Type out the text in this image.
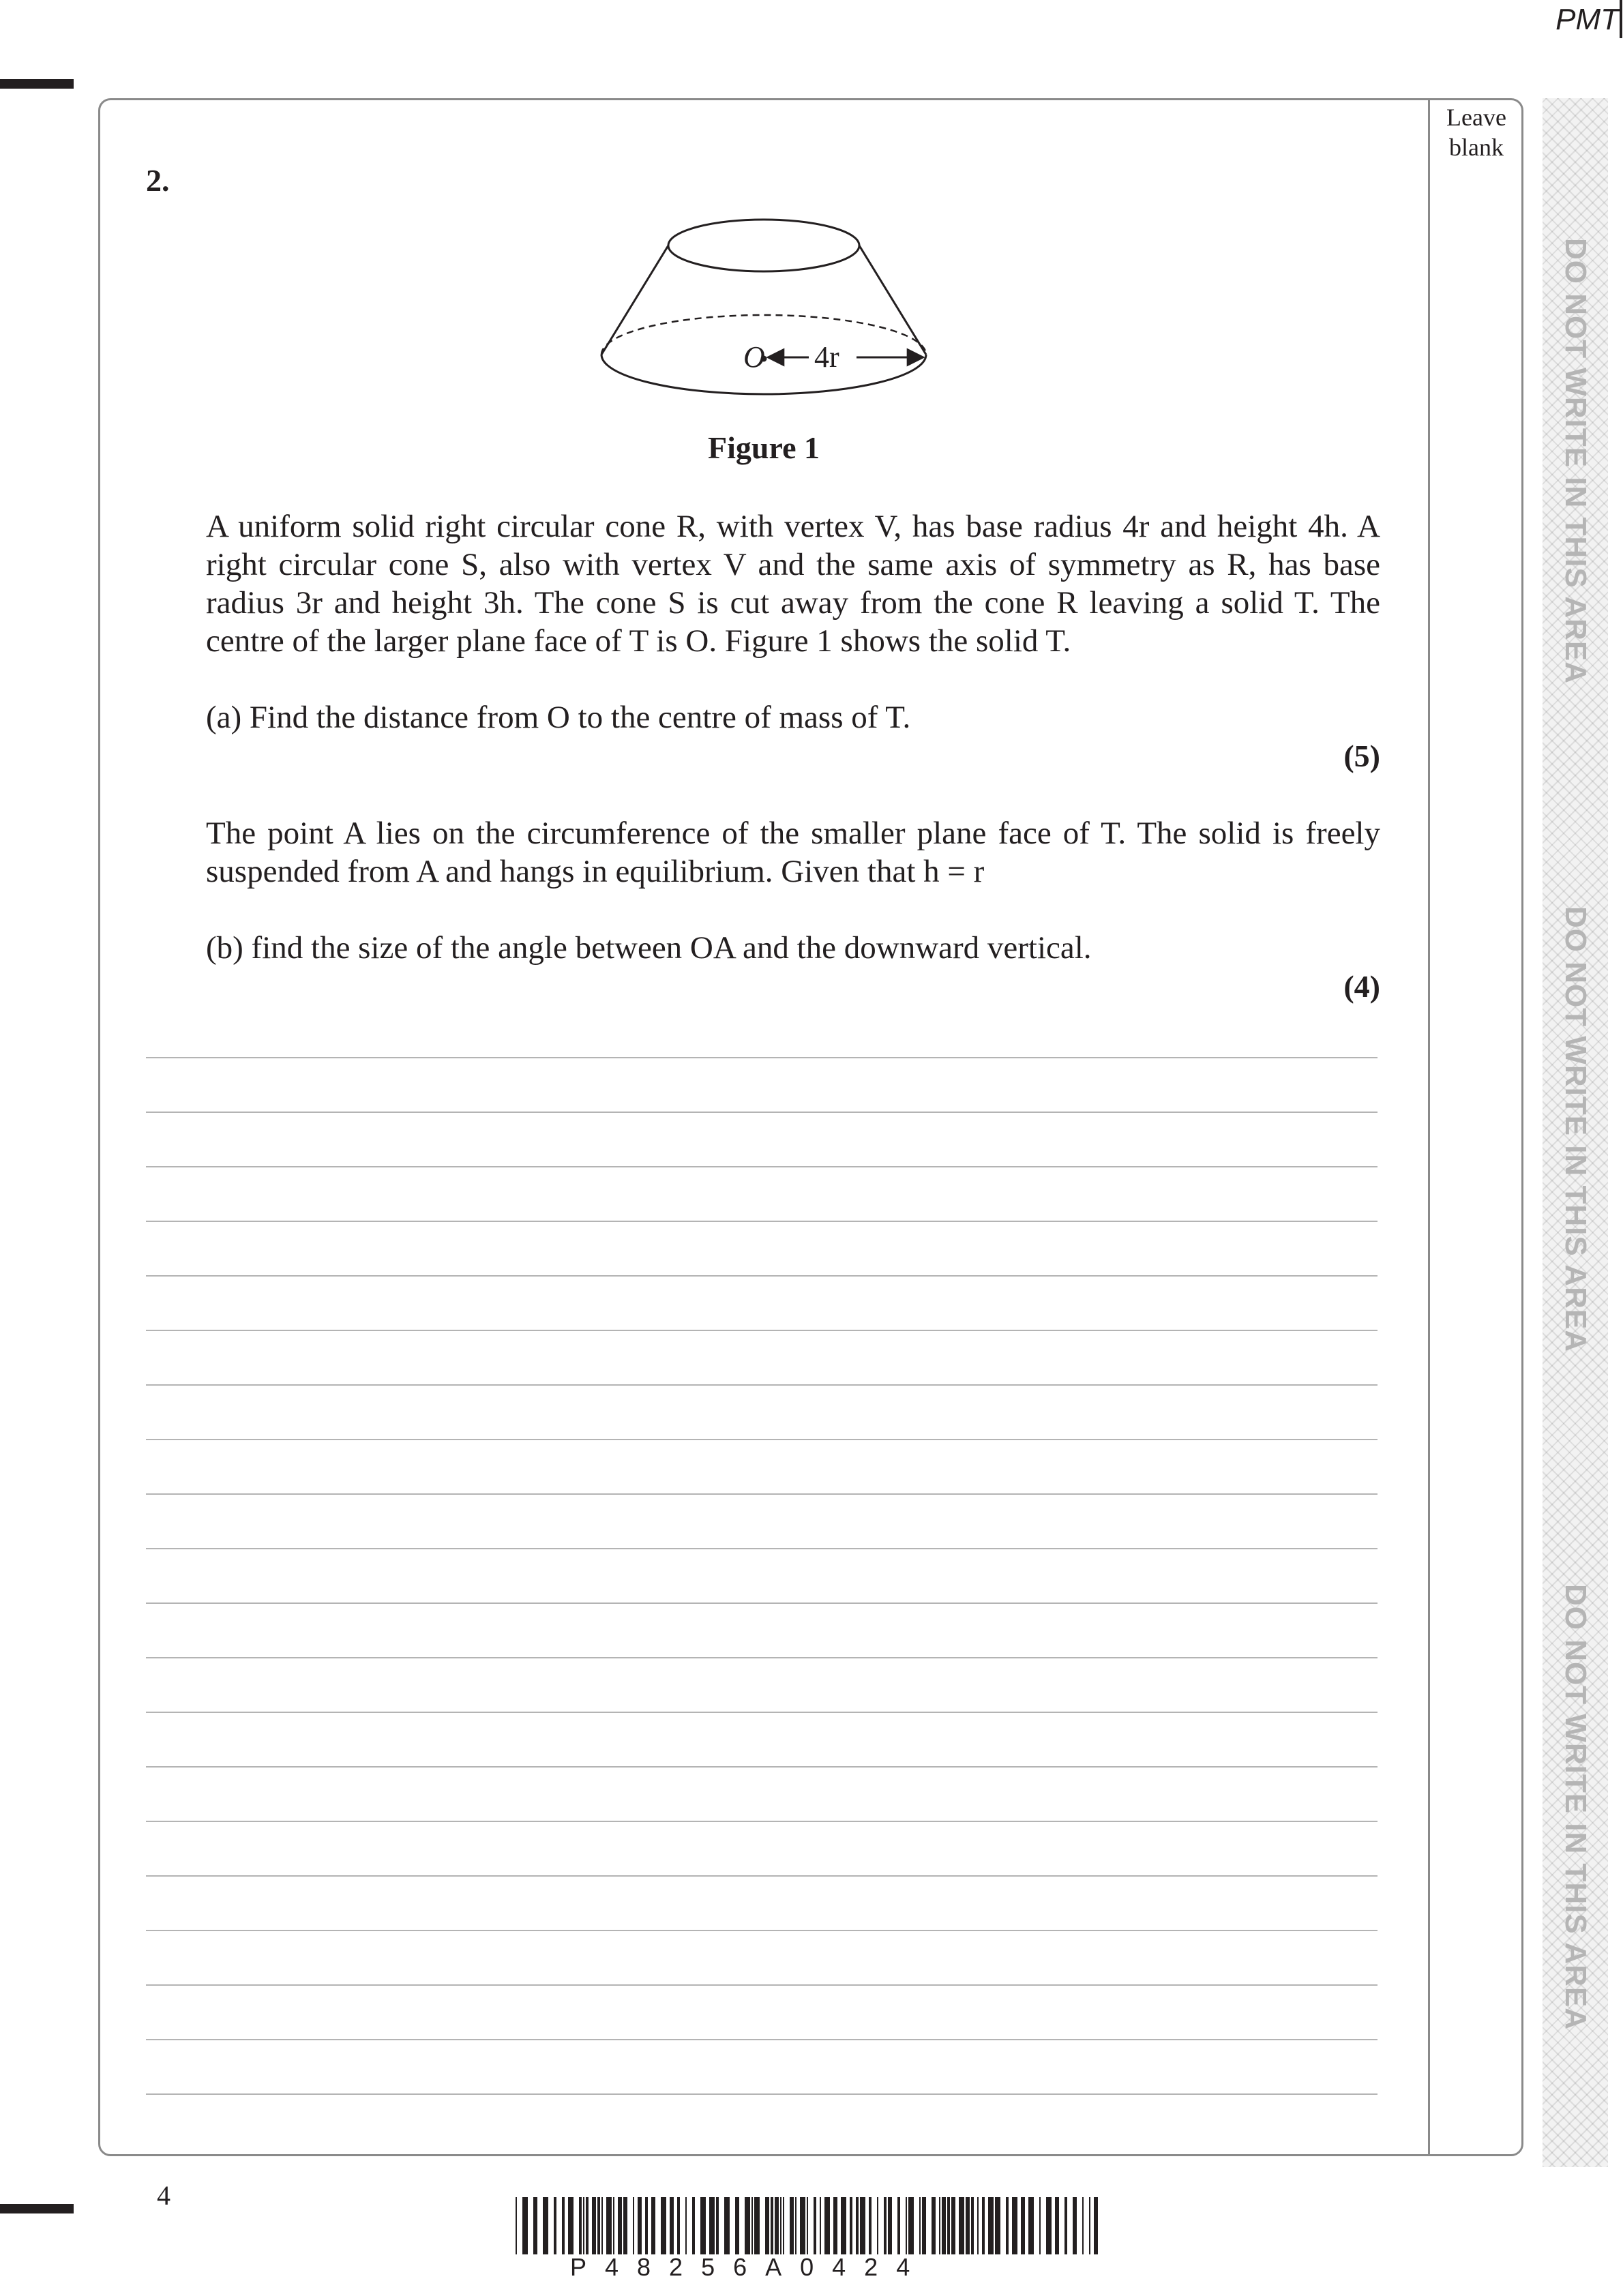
PMT
Leave blank
DO NOT WRITE IN THIS AREA
DO NOT WRITE IN THIS AREA
DO NOT WRITE IN THIS AREA
2.
O 4r
Figure 1
A uniform solid right circular cone R, with vertex V, has base radius 4r and height 4h. A
right circular cone S, also with vertex V and the same axis of symmetry as R, has base
radius 3r and height 3h. The cone S is cut away from the cone R leaving a solid T. The
centre of the larger plane face of T is O. Figure 1 shows the solid T.
(a) Find the distance from O to the centre of mass of T.
(5)
The point A lies on the circumference of the smaller plane face of T. The solid is freely
suspended from A and hangs in equilibrium. Given that h = r
(b) find the size of the angle between OA and the downward vertical.
(4)
4
P48256A0424
